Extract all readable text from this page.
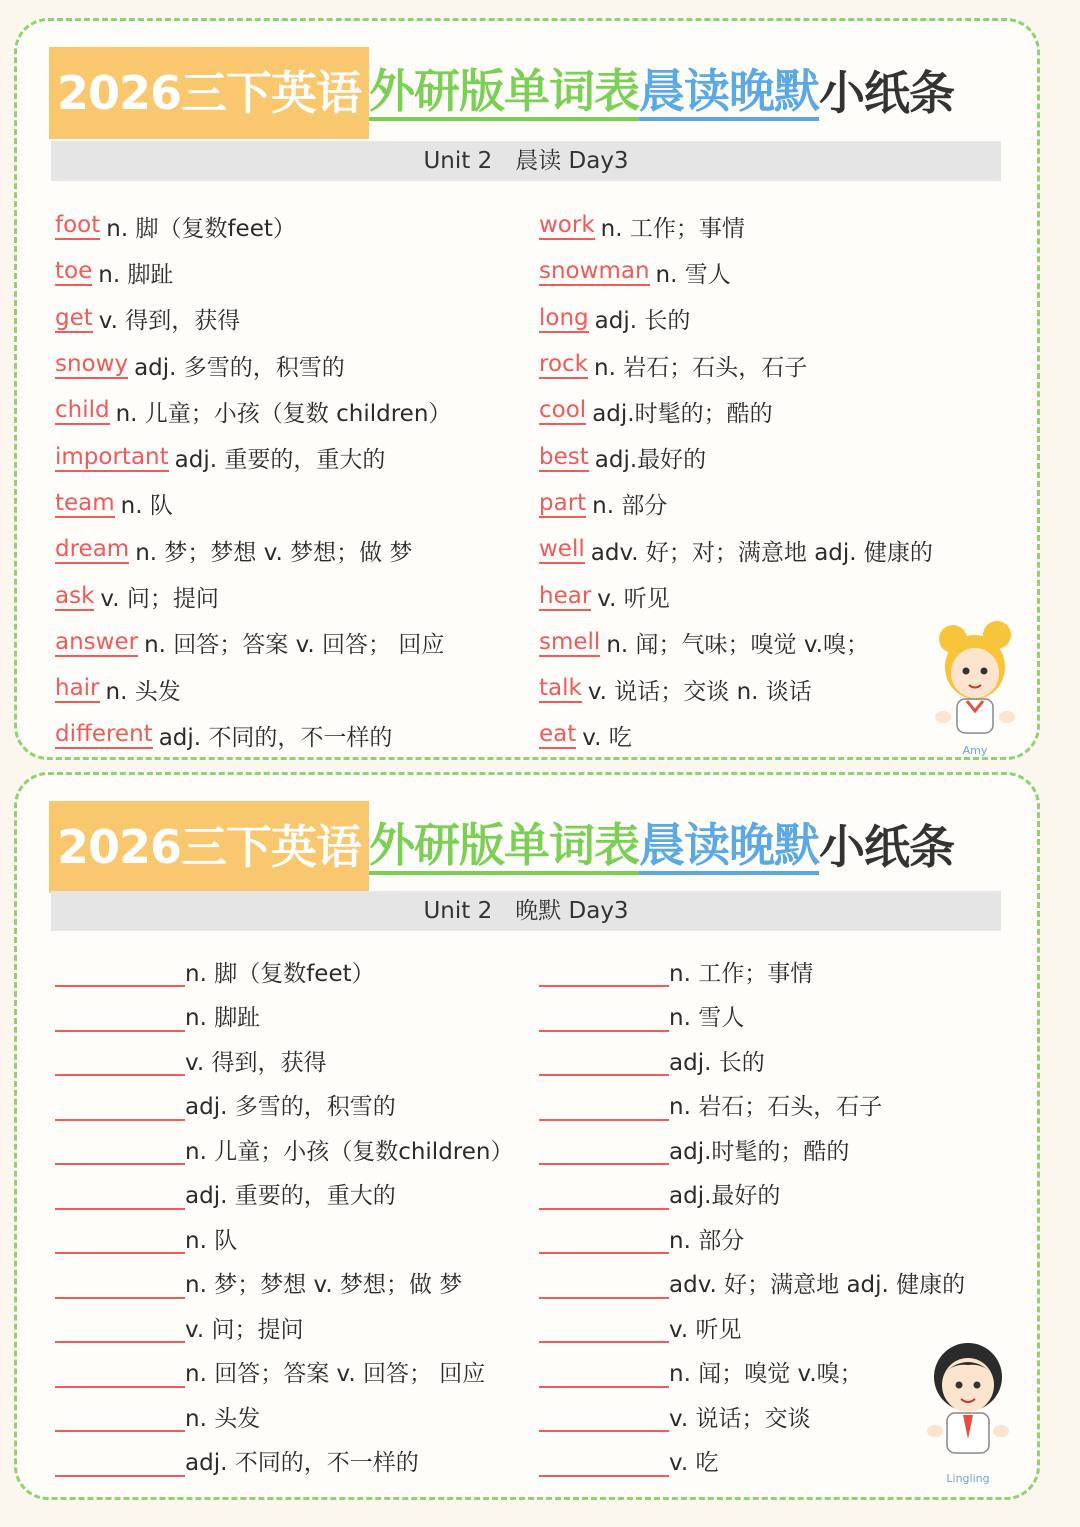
2026三下英语 外研版单词表 晨读晚默 小纸条
Unit 2　晨读 Day3
foot n. 脚（复数feet）
toe n. 脚趾
get v. 得到，获得
snowy adj. 多雪的，积雪的
child n. 儿童；小孩（复数 children）
important adj. 重要的，重大的
team n. 队
dream n. 梦；梦想 v. 梦想；做 梦
ask v. 问；提问
answer n. 回答；答案 v. 回答； 回应
hair n. 头发
different adj. 不同的，不一样的
work n. 工作；事情
snowman n. 雪人
long adj. 长的
rock n. 岩石；石头，石子
cool adj.时髦的；酷的
best adj.最好的
part n. 部分
well adv. 好；对；满意地 adj. 健康的
hear v. 听见
smell n. 闻；气味；嗅觉 v.嗅；
talk v. 说话；交谈 n. 谈话
eat v. 吃	Amy
2026三下英语 外研版单词表 晨读晚默 小纸条
Unit 2　晚默 Day3
n. 脚（复数feet）
n. 脚趾
v. 得到，获得
adj. 多雪的，积雪的
n. 儿童；小孩（复数children）
adj. 重要的，重大的
n. 队
n. 梦；梦想 v. 梦想；做 梦
v. 问；提问
n. 回答；答案 v. 回答； 回应
n. 头发
adj. 不同的，不一样的
n. 工作；事情
n. 雪人
adj. 长的
n. 岩石；石头，石子
adj.时髦的；酷的
adj.最好的
n. 部分
adv. 好；满意地 adj. 健康的
v. 听见
n. 闻；嗅觉 v.嗅；
v. 说话；交谈
v. 吃
Lingling
